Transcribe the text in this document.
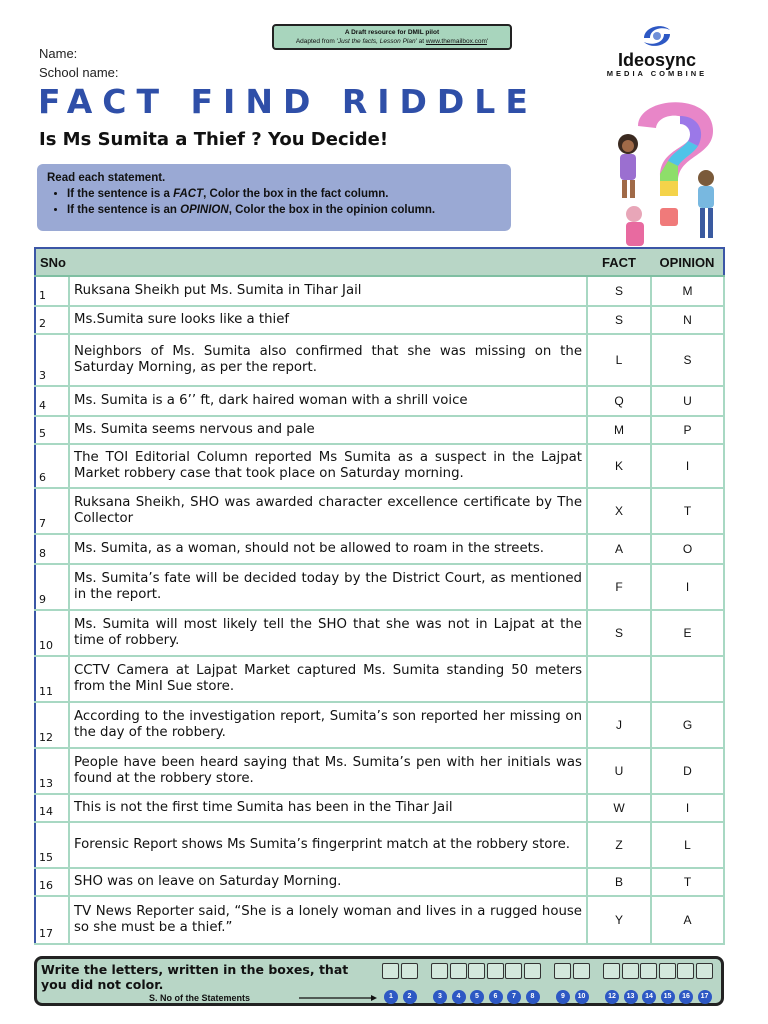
A Draft resource for DMIL pilot
Adapted from 'Just the facts, Lesson Plan' at www.themailbox.com'
Name:
School name:
FACT FIND RIDDLE
Is Ms Sumita a Thief ? You Decide!
Read each statement.
• If the sentence is a FACT, Color the box in the fact column.
• If the sentence is an OPINION, Color the box in the opinion column.
Ideosync
MEDIA COMBINE
SNo		FACT	OPINION
1	Ruksana Sheikh put Ms. Sumita in Tihar Jail	S	M
2	Ms.Sumita sure looks like a thief	S	N
3	Neighbors of Ms. Sumita also confirmed that she was missing on the Saturday Morning, as per the report.	L	S
4	Ms. Sumita is a 6’’ ft, dark haired woman with a shrill voice	Q	U
5	Ms. Sumita seems nervous and pale	M	P
6	The TOI Editorial Column reported Ms Sumita as a suspect in the Lajpat Market robbery case that took place on Saturday morning.	K	I
7	Ruksana Sheikh, SHO was awarded character excellence certificate by The Collector	X	T
8	Ms. Sumita, as a woman, should not be allowed to roam in the streets.	A	O
9	Ms. Sumita’s fate will be decided today by the District Court, as mentioned in the report.	F	I
10	Ms. Sumita will most likely tell the SHO that she was not in Lajpat at the time of robbery.	S	E
11	CCTV Camera at Lajpat Market captured Ms. Sumita standing 50 meters from the MinI Sue store.		
12	According to the investigation report, Sumita’s son reported her missing on the day of the robbery.	J	G
13	People have been heard saying that Ms. Sumita’s pen with her initials was found at the robbery store.	U	D
14	This is not the first time Sumita has been in the Tihar Jail	W	I
15	Forensic Report shows Ms Sumita’s fingerprint match at the robbery store.	Z	L
16	SHO was on leave on Saturday Morning.	B	T
17	TV News Reporter said, “She is a lonely woman and lives in a rugged house so she must be a thief.”	Y	A
Write the letters, written in the boxes, that you did not color.
S. No of the Statements	1	2	3	4	5	6	7	8	9	10	12	13	14	15	16	17
